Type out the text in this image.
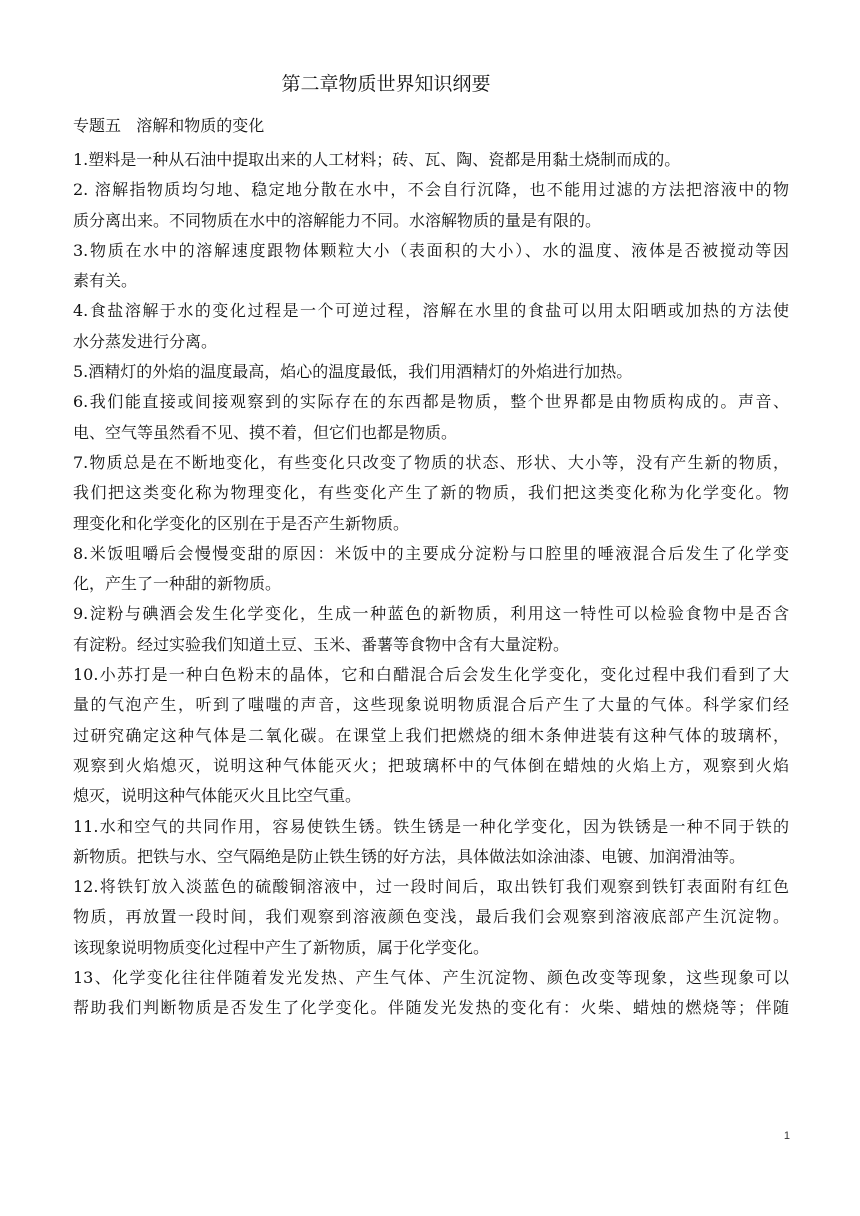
第二章物质世界知识纲要
专题五   溶解和物质的变化
1.塑料是一种从石油中提取出来的人工材料；砖、瓦、陶、瓷都是用黏土烧制而成的。
2. 溶解指物质均匀地、稳定地分散在水中，不会自行沉降，也不能用过滤的方法把溶液中的物
质分离出来。不同物质在水中的溶解能力不同。水溶解物质的量是有限的。
3.物质在水中的溶解速度跟物体颗粒大小（表面积的大小）、水的温度、液体是否被搅动等因
素有关。
4.食盐溶解于水的变化过程是一个可逆过程，溶解在水里的食盐可以用太阳晒或加热的方法使
水分蒸发进行分离。
5.酒精灯的外焰的温度最高，焰心的温度最低，我们用酒精灯的外焰进行加热。
6.我们能直接或间接观察到的实际存在的东西都是物质，整个世界都是由物质构成的。声音、
电、空气等虽然看不见、摸不着，但它们也都是物质。
7.物质总是在不断地变化，有些变化只改变了物质的状态、形状、大小等，没有产生新的物质，
我们把这类变化称为物理变化，有些变化产生了新的物质，我们把这类变化称为化学变化。物
理变化和化学变化的区别在于是否产生新物质。
8.米饭咀嚼后会慢慢变甜的原因：米饭中的主要成分淀粉与口腔里的唾液混合后发生了化学变
化，产生了一种甜的新物质。
9.淀粉与碘酒会发生化学变化，生成一种蓝色的新物质，利用这一特性可以检验食物中是否含
有淀粉。经过实验我们知道土豆、玉米、番薯等食物中含有大量淀粉。
10.小苏打是一种白色粉末的晶体，它和白醋混合后会发生化学变化，变化过程中我们看到了大
量的气泡产生，听到了嗤嗤的声音，这些现象说明物质混合后产生了大量的气体。科学家们经
过研究确定这种气体是二氧化碳。在课堂上我们把燃烧的细木条伸进装有这种气体的玻璃杯，
观察到火焰熄灭，说明这种气体能灭火；把玻璃杯中的气体倒在蜡烛的火焰上方，观察到火焰
熄灭，说明这种气体能灭火且比空气重。
11.水和空气的共同作用，容易使铁生锈。铁生锈是一种化学变化，因为铁锈是一种不同于铁的
新物质。把铁与水、空气隔绝是防止铁生锈的好方法，具体做法如涂油漆、电镀、加润滑油等。
12.将铁钉放入淡蓝色的硫酸铜溶液中，过一段时间后，取出铁钉我们观察到铁钉表面附有红色
物质，再放置一段时间，我们观察到溶液颜色变浅，最后我们会观察到溶液底部产生沉淀物。
该现象说明物质变化过程中产生了新物质，属于化学变化。
13、化学变化往往伴随着发光发热、产生气体、产生沉淀物、颜色改变等现象，这些现象可以
帮助我们判断物质是否发生了化学变化。伴随发光发热的变化有：火柴、蜡烛的燃烧等；伴随
1
